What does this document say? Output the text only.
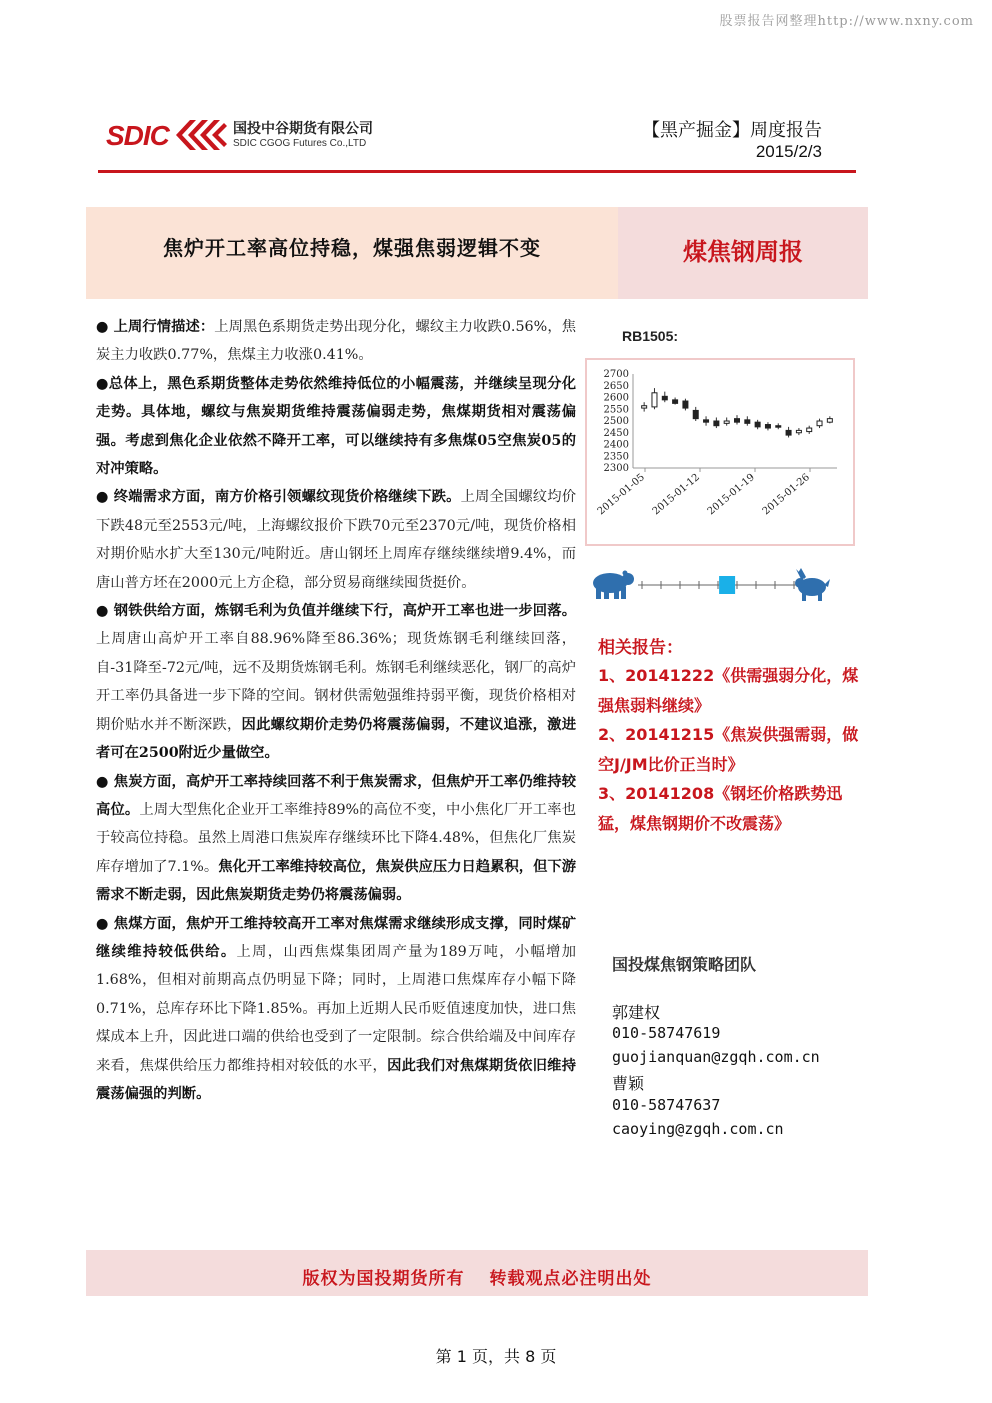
股票报告网整理http://www.nxny.com
SDIC	国投中谷期货有限公司
SDIC CGOG Futures Co.,LTD
【黑产掘金】周度报告
2015/2/3
焦炉开工率高位持稳，煤强焦弱逻辑不变	煤焦钢周报

● 上周行情描述：上周黑色系期货走势出现分化，螺纹主力收跌0.56%，焦炭主力收跌0.77%，焦煤主力收涨0.41%。

●总体上，黑色系期货整体走势依然维持低位的小幅震荡，并继续呈现分化走势。具体地，螺纹与焦炭期货维持震荡偏弱走势，焦煤期货相对震荡偏强。考虑到焦化企业依然不降开工率，可以继续持有多焦煤05空焦炭05的对冲策略。

● 终端需求方面，南方价格引领螺纹现货价格继续下跌。上周全国螺纹均价下跌48元至2553元/吨，上海螺纹报价下跌70元至2370元/吨，现货价格相对期价贴水扩大至130元/吨附近。唐山钢坯上周库存继续继续增9.4%，而唐山普方坯在2000元上方企稳，部分贸易商继续囤货挺价。

● 钢铁供给方面，炼钢毛利为负值并继续下行，高炉开工率也进一步回落。上周唐山高炉开工率自88.96%降至86.36%；现货炼钢毛利继续回落，自-31降至-72元/吨，远不及期货炼钢毛利。炼钢毛利继续恶化，钢厂的高炉开工率仍具备进一步下降的空间。钢材供需勉强维持弱平衡，现货价格相对期价贴水并不断深跌，因此螺纹期价走势仍将震荡偏弱，不建议追涨，激进者可在2500附近少量做空。

● 焦炭方面，高炉开工率持续回落不利于焦炭需求，但焦炉开工率仍维持较高位。上周大型焦化企业开工率维持89%的高位不变，中小焦化厂开工率也于较高位持稳。虽然上周港口焦炭库存继续环比下降4.48%，但焦化厂焦炭库存增加了7.1%。焦化开工率维持较高位，焦炭供应压力日趋累积，但下游需求不断走弱，因此焦炭期货走势仍将震荡偏弱。

● 焦煤方面，焦炉开工维持较高开工率对焦煤需求继续形成支撑，同时煤矿继续维持较低供给。上周，山西焦煤集团周产量为189万吨，小幅增加1.68%，但相对前期高点仍明显下降；同时，上周港口焦煤库存小幅下降0.71%，总库存环比下降1.85%。再加上近期人民币贬值速度加快，进口焦煤成本上升，因此进口端的供给也受到了一定限制。综合供给端及中间库存来看，焦煤供给压力都维持相对较低的水平，因此我们对焦煤期货依旧维持震荡偏强的判断。

RB1505:
2300
2350
2400
2450
2500
2550
2600
2650
2700
2015-01-05 2015-01-12 2015-01-19 2015-01-26
相关报告：
1、20141222《供需强弱分化，煤强焦弱料继续》
2、20141215《焦炭供强需弱，做空J/JM比价正当时》
3、20141208《钢坯价格跌势迅猛，煤焦钢期价不改震荡》
国投煤焦钢策略团队
郭建权
010-58747619
guojianquan@zgqh.com.cn
曹颖
010-58747637
caoying@zgqh.com.cn
版权为国投期货所有 转载观点必注明出处
第 1 页，共 8 页
